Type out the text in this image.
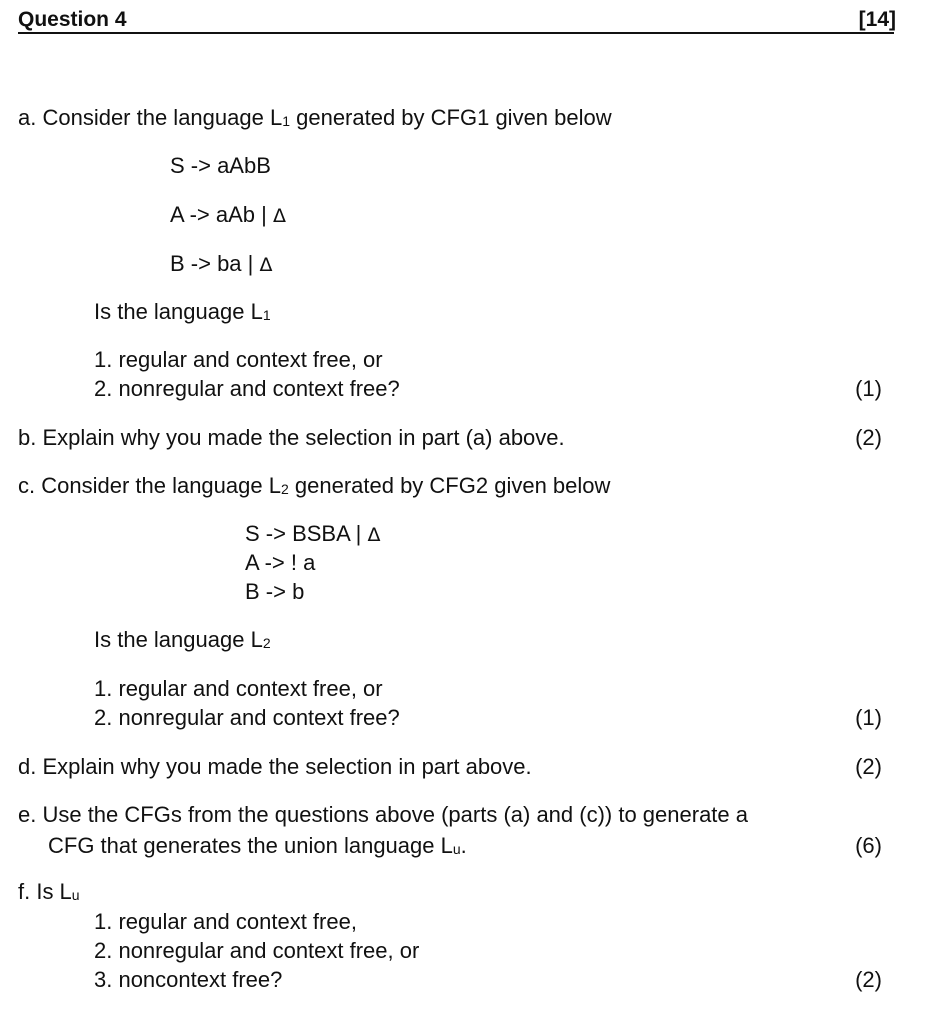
Question 4	[14]
a. Consider the language L1 generated by CFG1 given below
S -> aAbB
A -> aAb | Δ
B -> ba | Δ
Is the language L1
1. regular and context free, or
2. nonregular and context free?	(1)
b. Explain why you made the selection in part (a) above.	(2)
c. Consider the language L2 generated by CFG2 given below
S -> BSBA | Δ
A -> ! a
B -> b
Is the language L2
1. regular and context free, or
2. nonregular and context free?	(1)
d. Explain why you made the selection in part above.	(2)
e. Use the CFGs from the questions above (parts (a) and (c)) to generate a
CFG that generates the union language Lu.	(6)
f. Is Lu
1. regular and context free,
2. nonregular and context free, or
3. noncontext free?	(2)
